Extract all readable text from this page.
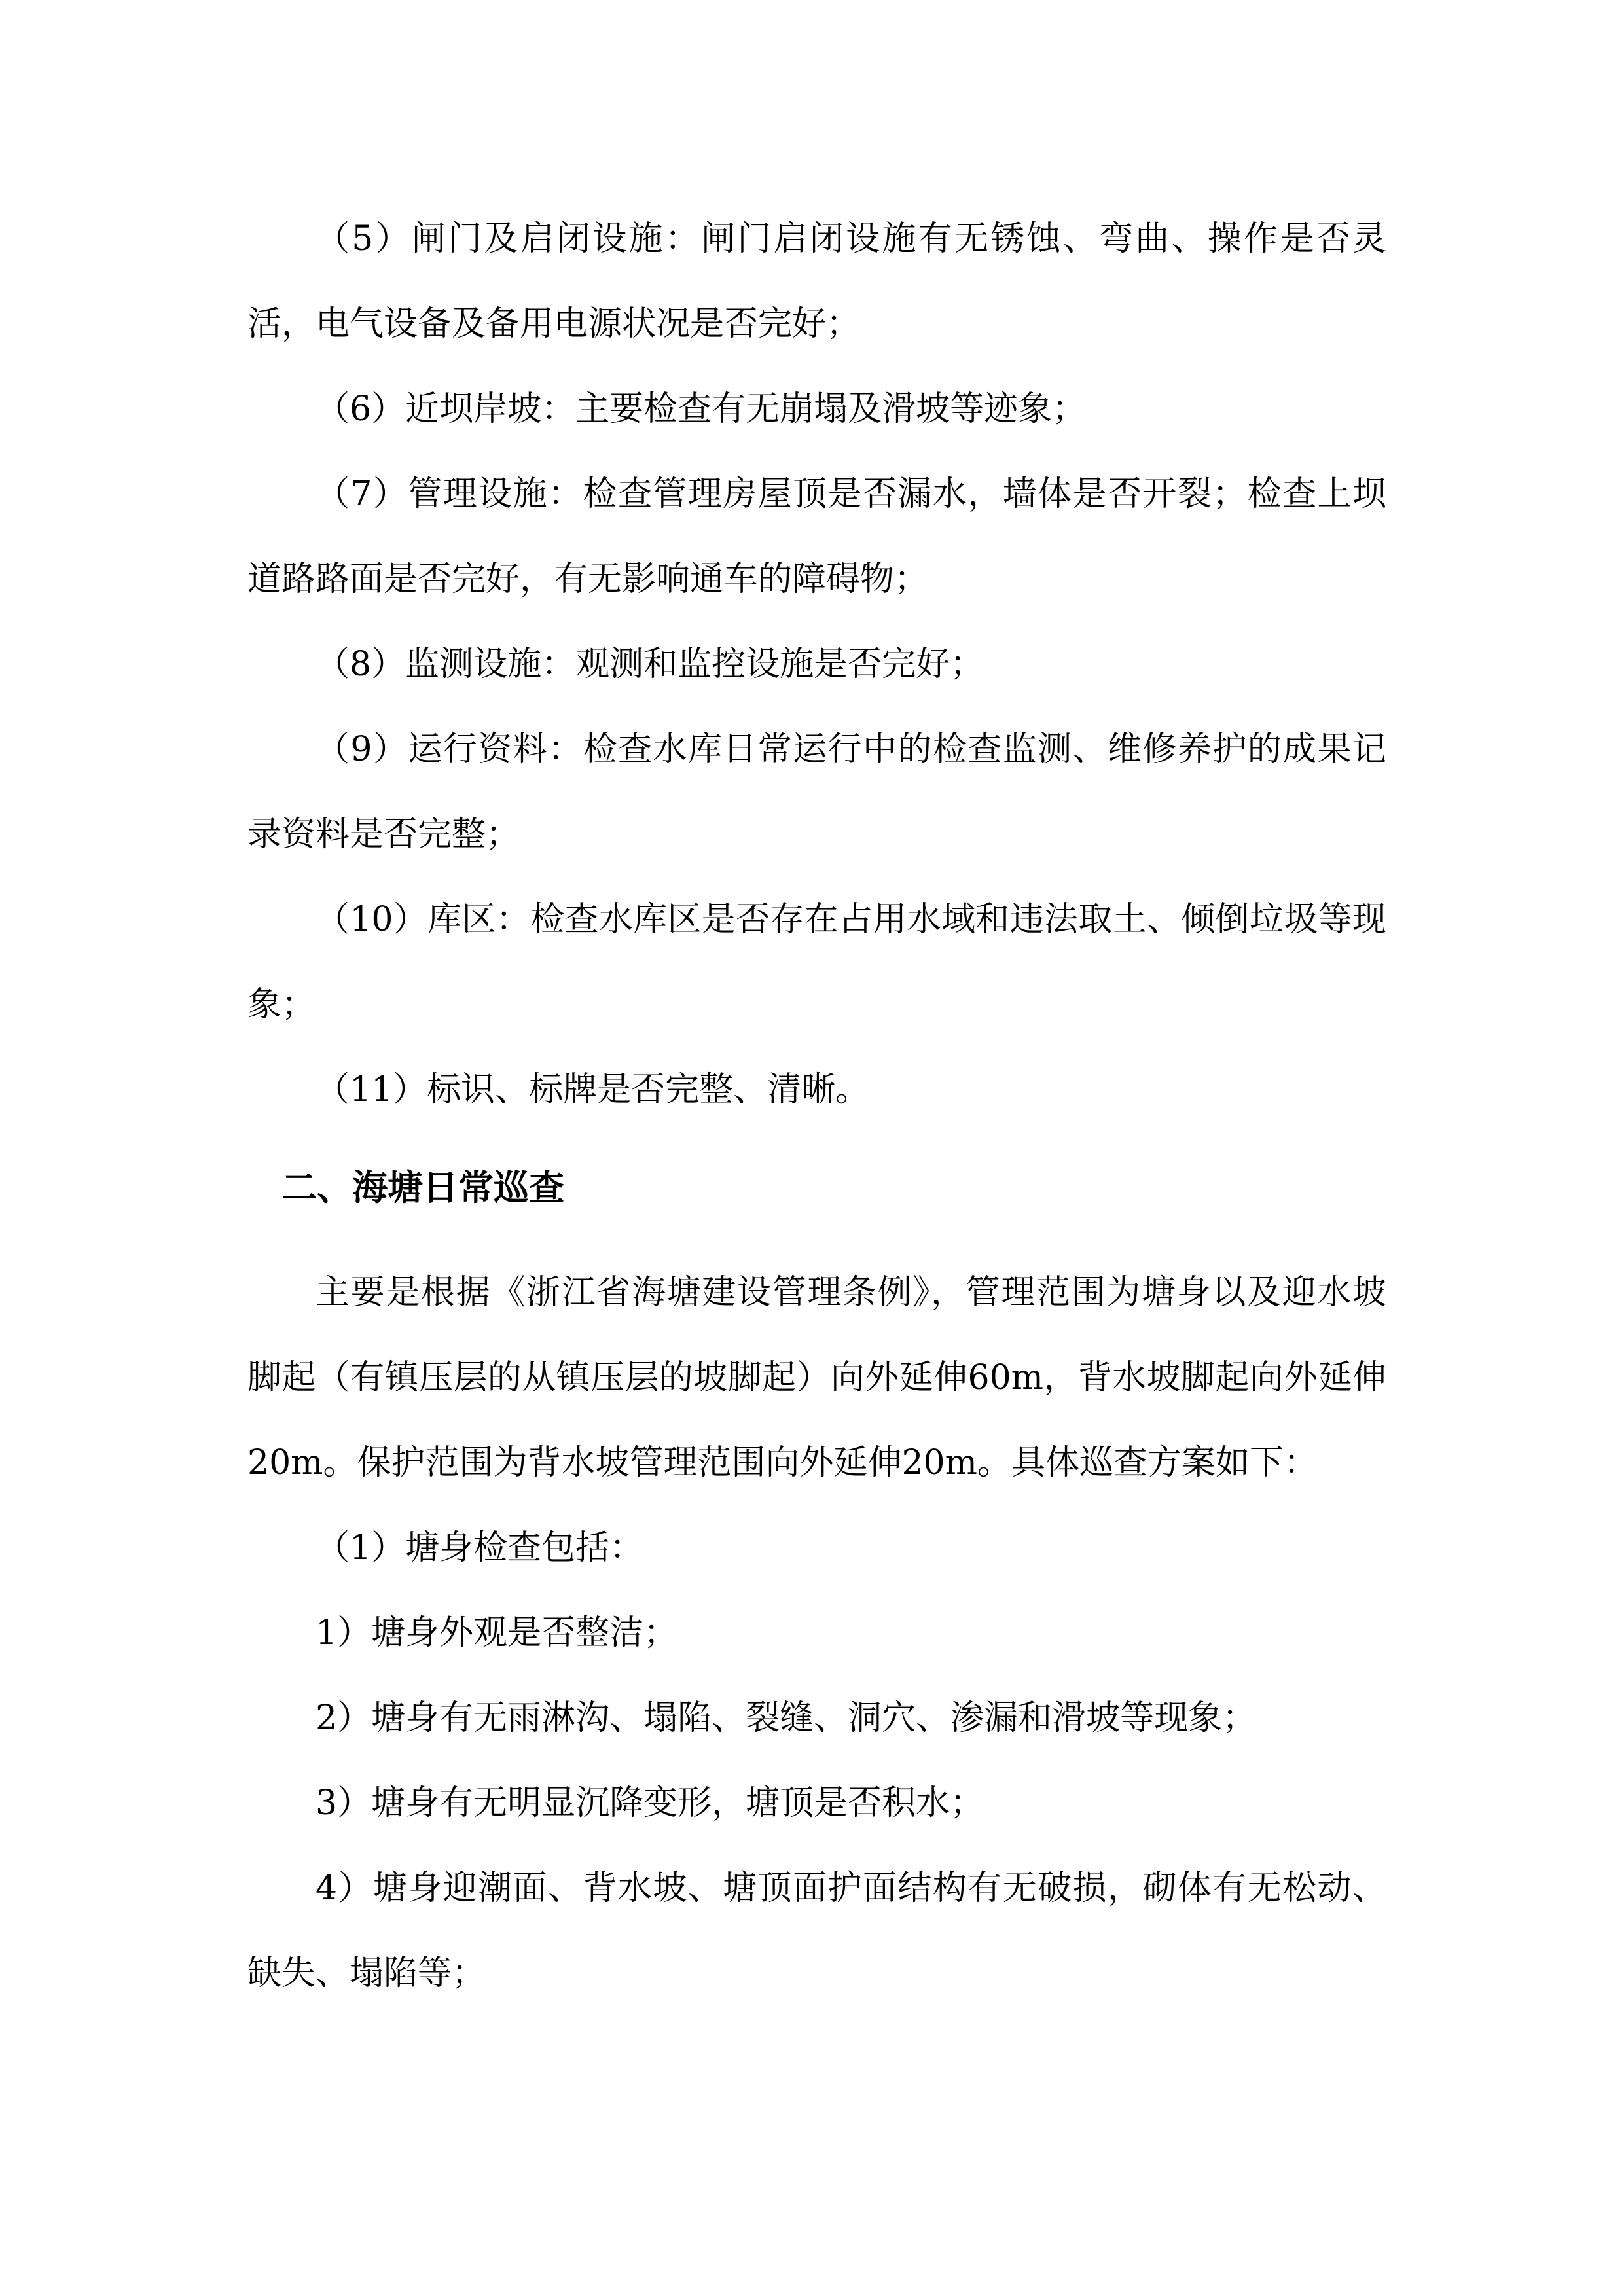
（5）闸门及启闭设施：闸门启闭设施有无锈蚀、弯曲、操作是否灵活，电气设备及备用电源状况是否完好；

（6）近坝岸坡：主要检查有无崩塌及滑坡等迹象；

（7）管理设施：检查管理房屋顶是否漏水，墙体是否开裂；检查上坝道路路面是否完好，有无影响通车的障碍物；

（8）监测设施：观测和监控设施是否完好；

（9）运行资料：检查水库日常运行中的检查监测、维修养护的成果记录资料是否完整；

（10）库区：检查水库区是否存在占用水域和违法取土、倾倒垃圾等现象；

（11）标识、标牌是否完整、清晰。

二、海塘日常巡查

主要是根据《浙江省海塘建设管理条例》，管理范围为塘身以及迎水坡脚起（有镇压层的从镇压层的坡脚起）向外延伸60m，背水坡脚起向外延伸20m。保护范围为背水坡管理范围向外延伸20m。具体巡查方案如下：

（1）塘身检查包括：

1）塘身外观是否整洁；

2）塘身有无雨淋沟、塌陷、裂缝、洞穴、渗漏和滑坡等现象；

3）塘身有无明显沉降变形，塘顶是否积水；

4）塘身迎潮面、背水坡、塘顶面护面结构有无破损，砌体有无松动、缺失、塌陷等；
